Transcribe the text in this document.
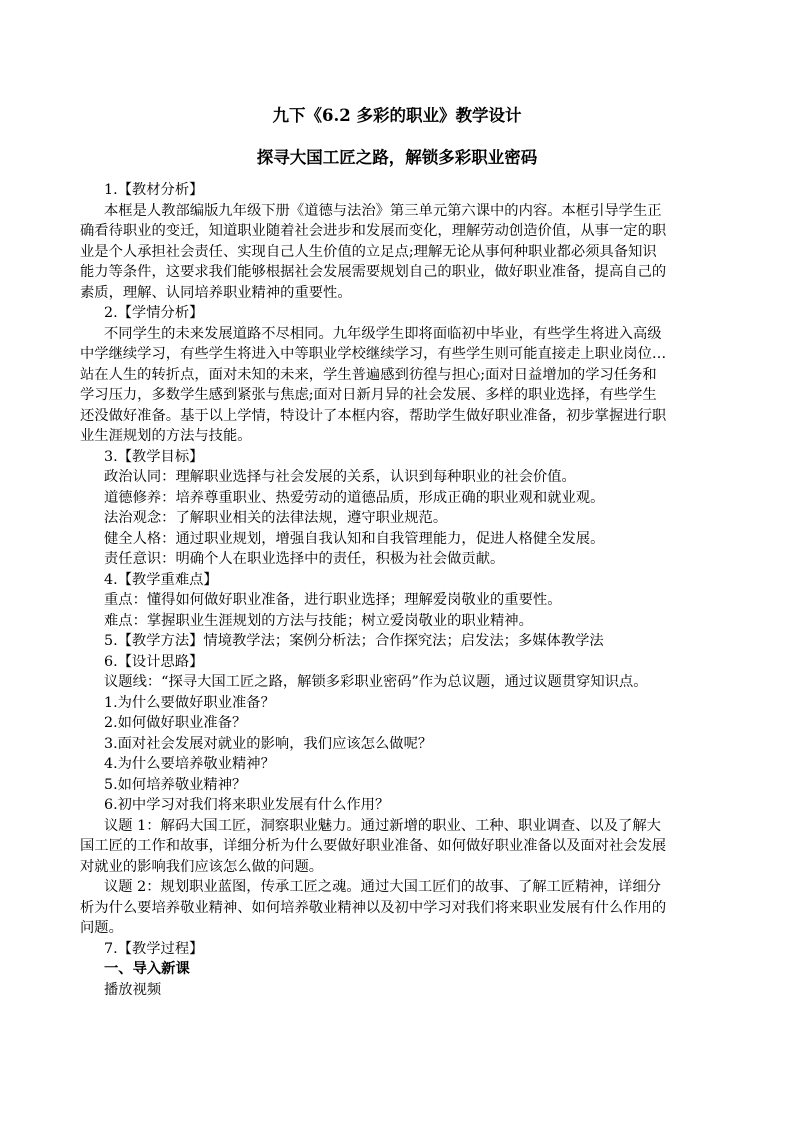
九下《6.2 多彩的职业》教学设计
探寻大国工匠之路，解锁多彩职业密码
1.【教材分析】
本框是人教部编版九年级下册《道德与法治》第三单元第六课中的内容。本框引导学生正
确看待职业的变迁，知道职业随着社会进步和发展而变化，理解劳动创造价值，从事一定的职
业是个人承担社会责任、实现自己人生价值的立足点;理解无论从事何种职业都必须具备知识
能力等条件，这要求我们能够根据社会发展需要规划自己的职业，做好职业准备，提高自己的
素质，理解、认同培养职业精神的重要性。
2.【学情分析】
不同学生的未来发展道路不尽相同。九年级学生即将面临初中毕业，有些学生将进入高级
中学继续学习，有些学生将进入中等职业学校继续学习，有些学生则可能直接走上职业岗位…
站在人生的转折点，面对未知的未来，学生普遍感到彷徨与担心;面对日益增加的学习任务和
学习压力，多数学生感到紧张与焦虑;面对日新月异的社会发展、多样的职业选择，有些学生
还没做好准备。基于以上学情，特设计了本框内容，帮助学生做好职业准备，初步掌握进行职
业生涯规划的方法与技能。
3.【教学目标】
政治认同：理解职业选择与社会发展的关系，认识到每种职业的社会价值。
道德修养：培养尊重职业、热爱劳动的道德品质，形成正确的职业观和就业观。
法治观念：了解职业相关的法律法规，遵守职业规范。
健全人格：通过职业规划，增强自我认知和自我管理能力，促进人格健全发展。
责任意识：明确个人在职业选择中的责任，积极为社会做贡献。
4.【教学重难点】
重点：懂得如何做好职业准备，进行职业选择；理解爱岗敬业的重要性。
难点：掌握职业生涯规划的方法与技能；树立爱岗敬业的职业精神。
5.【教学方法】情境教学法；案例分析法；合作探究法；启发法；多媒体教学法
6.【设计思路】
议题线：“探寻大国工匠之路，解锁多彩职业密码”作为总议题，通过议题贯穿知识点。
1.为什么要做好职业准备？
2.如何做好职业准备？
3.面对社会发展对就业的影响，我们应该怎么做呢？
4.为什么要培养敬业精神？
5.如何培养敬业精神？
6.初中学习对我们将来职业发展有什么作用？
议题 1：解码大国工匠，洞察职业魅力。通过新增的职业、工种、职业调查、以及了解大
国工匠的工作和故事，详细分析为什么要做好职业准备、如何做好职业准备以及面对社会发展
对就业的影响我们应该怎么做的问题。
议题 2：规划职业蓝图，传承工匠之魂。通过大国工匠们的故事、了解工匠精神，详细分
析为什么要培养敬业精神、如何培养敬业精神以及初中学习对我们将来职业发展有什么作用的
问题。
7.【教学过程】
一、导入新课
播放视频
